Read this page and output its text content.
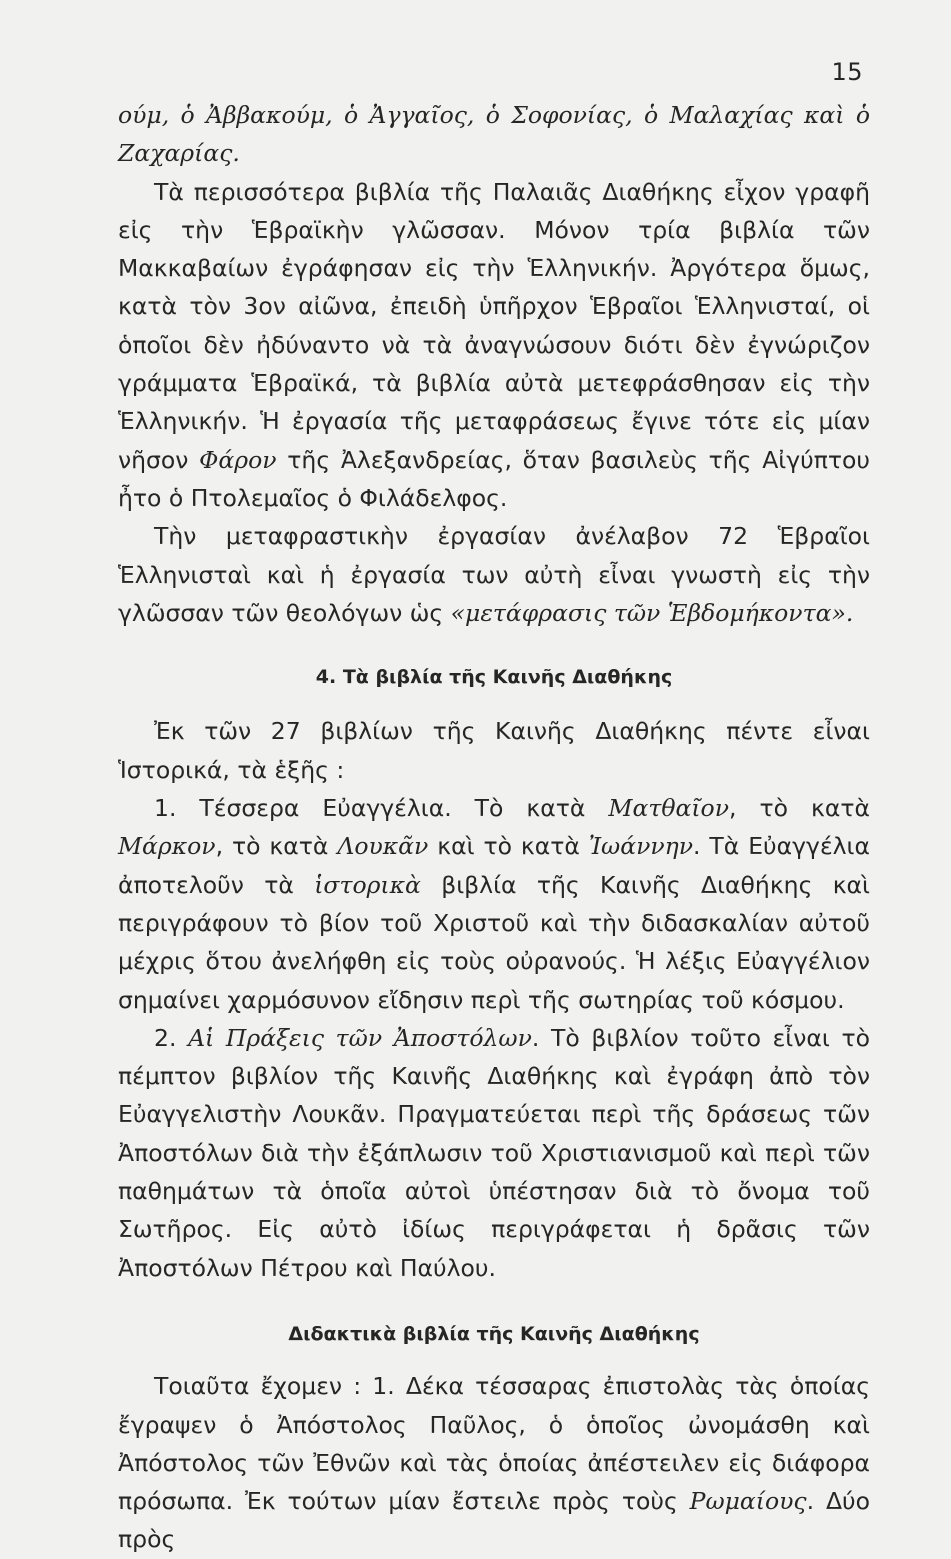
15

ούμ, ὁ Ἀββακούμ, ὁ Ἀγγαῖος, ὁ Σοφονίας, ὁ Μαλαχίας καὶ ὁ Ζαχαρίας.

Τὰ περισσότερα βιβλία τῆς Παλαιᾶς Διαθήκης εἶχον γραφῆ εἰς τὴν Ἑβραϊκὴν γλῶσσαν. Μόνον τρία βιβλία τῶν Μακκαβαίων ἐγράφησαν εἰς τὴν Ἑλληνικήν. Ἀργότερα ὅμως, κατὰ τὸν 3ον αἰῶνα, ἐπειδὴ ὑπῆρχον Ἑβραῖοι Ἑλληνισταί, οἱ ὁποῖοι δὲν ἠδύναντο νὰ τὰ ἀναγνώσουν διότι δὲν ἐγνώριζον γράμματα Ἑβραϊκά, τὰ βιβλία αὐτὰ μετεφράσθησαν εἰς τὴν Ἑλληνικήν. Ἡ ἐργασία τῆς μεταφράσεως ἔγινε τότε εἰς μίαν νῆσον Φάρον τῆς Ἀλεξανδρείας, ὅταν βασιλεὺς τῆς Αἰγύπτου ἦτο ὁ Πτολεμαῖος ὁ Φιλάδελφος.

Τὴν μεταφραστικὴν ἐργασίαν ἀνέλαβον 72 Ἑβραῖοι Ἑλληνισταὶ καὶ ἡ ἐργασία των αὐτὴ εἶναι γνωστὴ εἰς τὴν γλῶσσαν τῶν θεολόγων ὡς «μετάφρασις τῶν Ἑβδομήκοντα».

4. Τὰ βιβλία τῆς Καινῆς Διαθήκης

Ἐκ τῶν 27 βιβλίων τῆς Καινῆς Διαθήκης πέντε εἶναι Ἱστορικά, τὰ ἑξῆς :

1. Τέσσερα Εὐαγγέλια. Τὸ κατὰ Ματθαῖον, τὸ κατὰ Μάρκον, τὸ κατὰ Λουκᾶν καὶ τὸ κατὰ Ἰωάννην. Τὰ Εὐαγγέλια ἀποτελοῦν τὰ ἱστορικὰ βιβλία τῆς Καινῆς Διαθήκης καὶ περιγράφουν τὸ βίον τοῦ Χριστοῦ καὶ τὴν διδασκαλίαν αὐτοῦ μέχρις ὅτου ἀνελήφθη εἰς τοὺς οὐρανούς. Ἡ λέξις Εὐαγγέλιον σημαίνει χαρμόσυνον εἴδησιν περὶ τῆς σωτηρίας τοῦ κόσμου.

2. Αἱ Πράξεις τῶν Ἀποστόλων. Τὸ βιβλίον τοῦτο εἶναι τὸ πέμπτον βιβλίον τῆς Καινῆς Διαθήκης καὶ ἐγράφη ἀπὸ τὸν Εὐαγγελιστὴν Λουκᾶν. Πραγματεύεται περὶ τῆς δράσεως τῶν Ἀποστόλων διὰ τὴν ἐξάπλωσιν τοῦ Χριστιανισμοῦ καὶ περὶ τῶν παθημάτων τὰ ὁποῖα αὐτοὶ ὑπέστησαν διὰ τὸ ὄνομα τοῦ Σωτῆρος. Εἰς αὐτὸ ἰδίως περιγράφεται ἡ δρᾶσις τῶν Ἀποστόλων Πέτρου καὶ Παύλου.

Διδακτικὰ βιβλία τῆς Καινῆς Διαθήκης

Τοιαῦτα ἔχομεν : 1. Δέκα τέσσαρας ἐπιστολὰς τὰς ὁποίας ἔγραψεν ὁ Ἀπόστολος Παῦλος, ὁ ὁποῖος ὠνομάσθη καὶ Ἀπόστολος τῶν Ἐθνῶν καὶ τὰς ὁποίας ἀπέστειλεν εἰς διάφορα πρόσωπα. Ἐκ τούτων μίαν ἔστειλε πρὸς τοὺς Ρωμαίους. Δύο πρὸς
